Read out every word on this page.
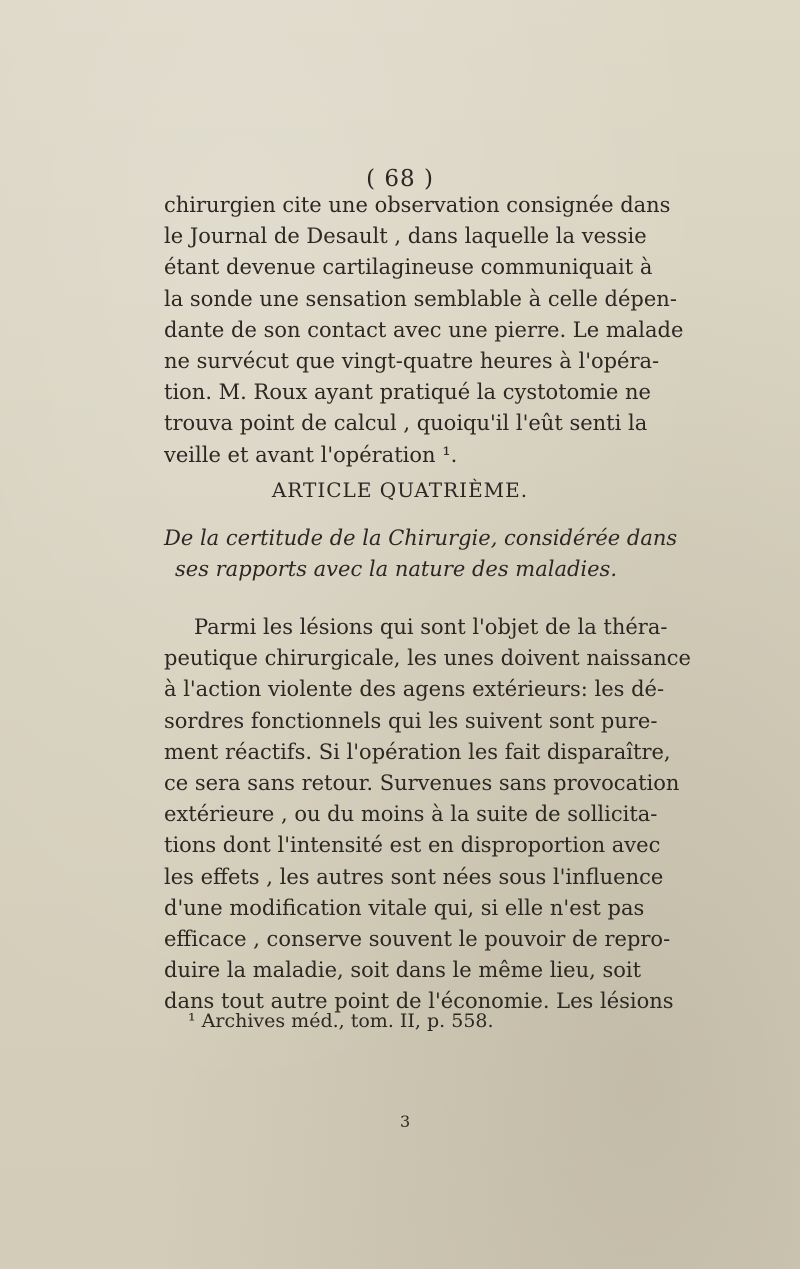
( 68 )
chirurgien cite une observation consignée dans
le Journal de Desault , dans laquelle la vessie
étant devenue cartilagineuse communiquait à
la sonde une sensation semblable à celle dépen-
dante de son contact avec une pierre. Le malade
ne survécut que vingt-quatre heures à l'opéra-
tion. M. Roux ayant pratiqué la cystotomie ne
trouva point de calcul , quoiqu'il l'eût senti la
veille et avant l'opération ¹.
ARTICLE QUATRIÈME.
De la certitude de la Chirurgie, considérée dans
ses rapports avec la nature des maladies.
Parmi les lésions qui sont l'objet de la théra-
peutique chirurgicale, les unes doivent naissance
à l'action violente des agens extérieurs: les dé-
sordres fonctionnels qui les suivent sont pure-
ment réactifs. Si l'opération les fait disparaître,
ce sera sans retour. Survenues sans provocation
extérieure , ou du moins à la suite de sollicita-
tions dont l'intensité est en disproportion avec
les effets , les autres sont nées sous l'influence
d'une modification vitale qui, si elle n'est pas
efficace , conserve souvent le pouvoir de repro-
duire la maladie, soit dans le même lieu, soit
dans tout autre point de l'économie. Les lésions
¹ Archives méd., tom. II, p. 558.
3
